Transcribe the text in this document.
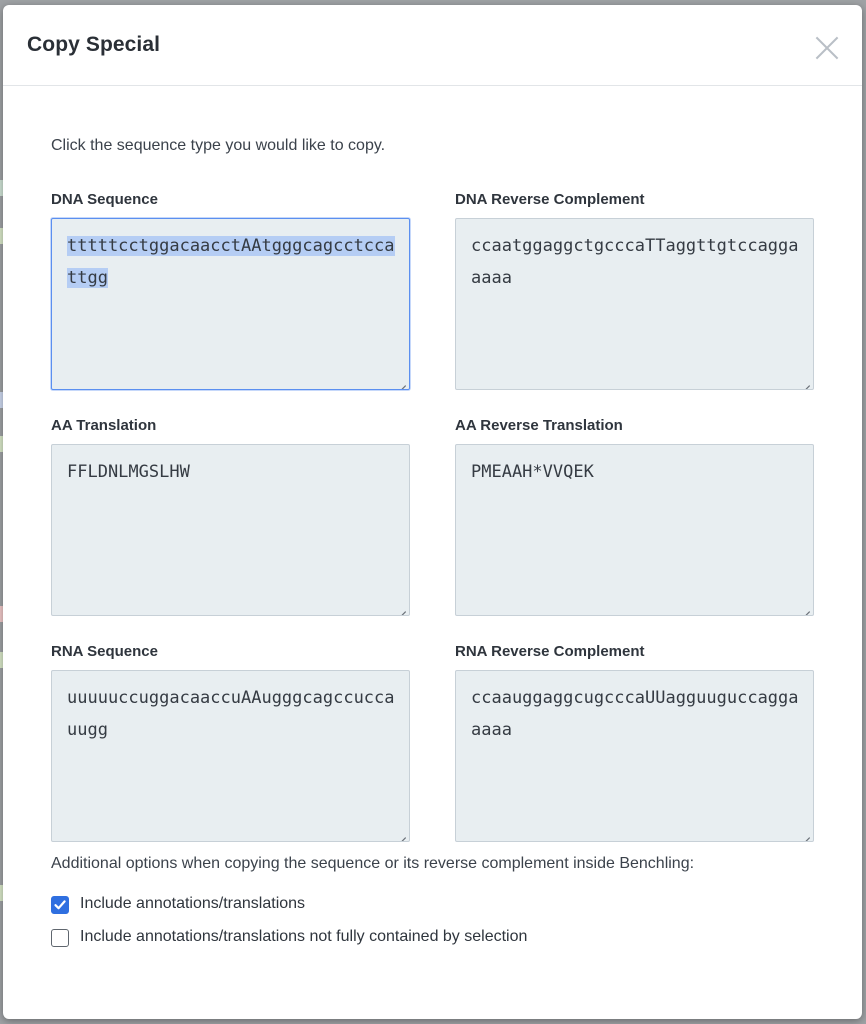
Copy Special
Click the sequence type you would like to copy.
DNA Sequence
tttttcctggacaacctAAtgggcagcctccattgg
DNA Reverse Complement
ccaatggaggctgcccaTTaggttgtccaggaaaaa
AA Translation
FFLDNLMGSLHW
AA Reverse Translation
PMEAAH*VVQEK
RNA Sequence
uuuuuccuggacaaccuAAugggcagccuccauugg
RNA Reverse Complement
ccaauggaggcugcccaUUagguuguccaggaaaaa
Additional options when copying the sequence or its reverse complement inside Benchling:
Include annotations/translations
Include annotations/translations not fully contained by selection
